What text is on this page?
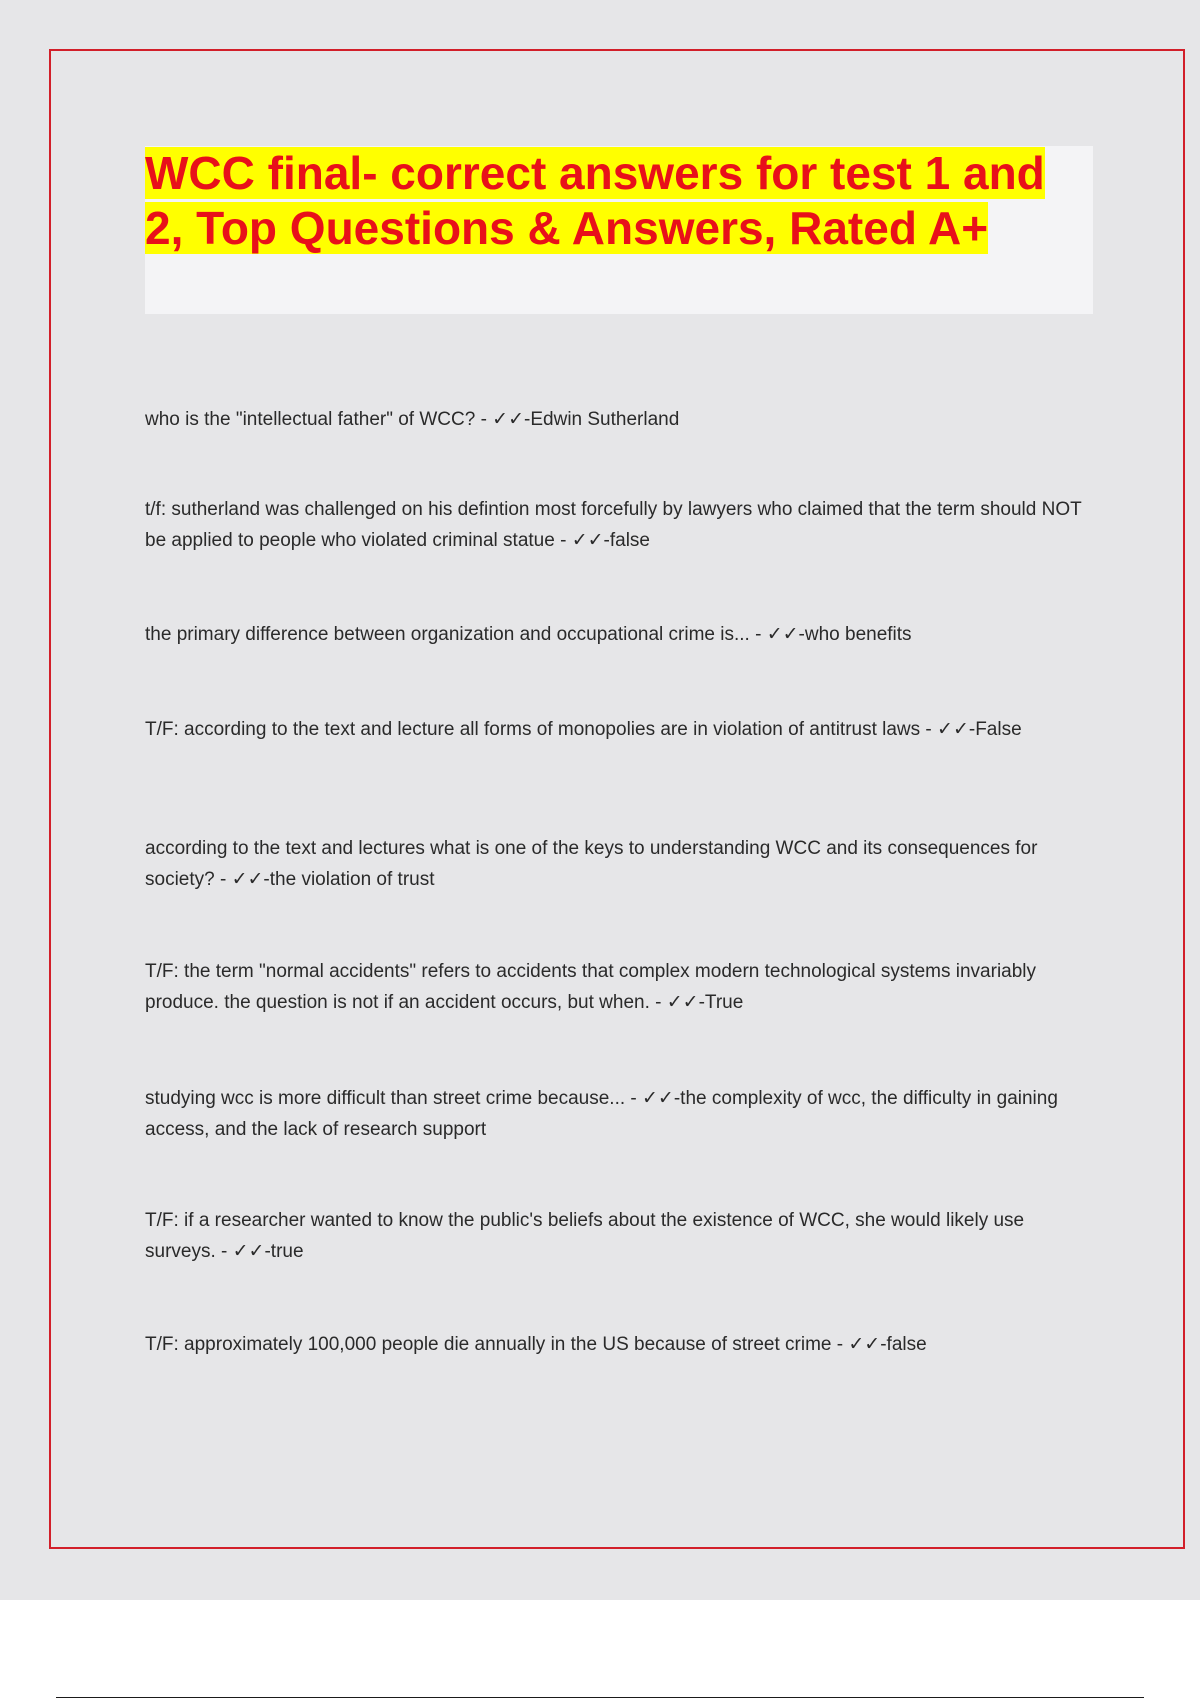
WCC final- correct answers for test 1 and 2, Top Questions & Answers, Rated A+
who is the "intellectual father" of WCC? - ✓✓-Edwin Sutherland
t/f: sutherland was challenged on his defintion most forcefully by lawyers who claimed that the term should NOT be applied to people who violated criminal statue - ✓✓-false
the primary difference between organization and occupational crime is... - ✓✓-who benefits
T/F: according to the text and lecture all forms of monopolies are in violation of antitrust laws - ✓✓-False
according to the text and lectures what is one of the keys to understanding WCC and its consequences for society? - ✓✓-the violation of trust
T/F: the term "normal accidents" refers to accidents that complex modern technological systems invariably produce. the question is not if an accident occurs, but when. - ✓✓-True
studying wcc is more difficult than street crime because... - ✓✓-the complexity of wcc, the difficulty in gaining access, and the lack of research support
T/F: if a researcher wanted to know the public's beliefs about the existence of WCC, she would likely use surveys. - ✓✓-true
T/F: approximately 100,000 people die annually in the US because of street crime - ✓✓-false
